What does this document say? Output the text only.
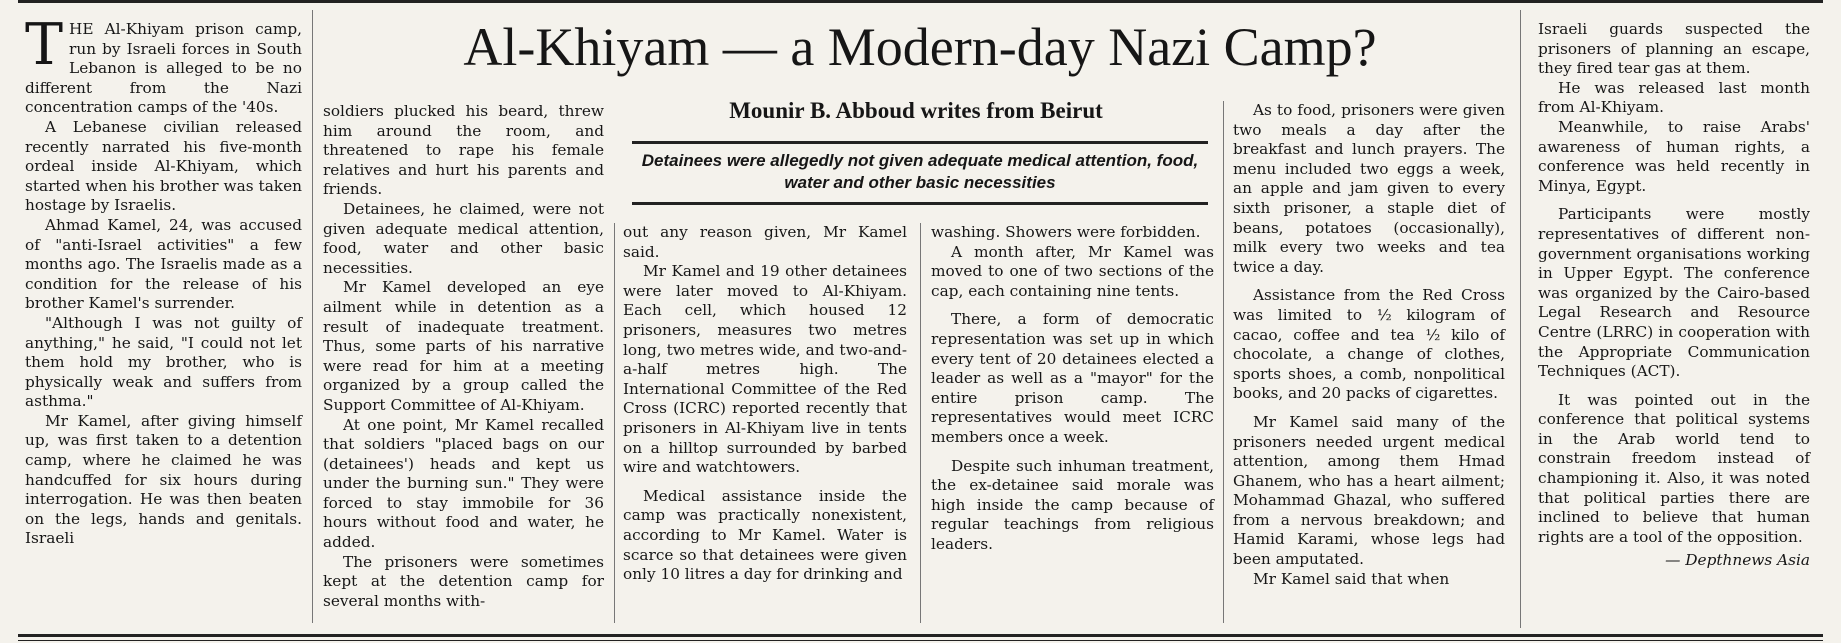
Al-Khiyam — a Modern-day Nazi Camp?
Mounir B. Abboud writes from Beirut
Detainees were allegedly not given adequate medical attention, food, water and other basic necessities

THE Al-Khiyam prison camp, run by Israeli forces in South Lebanon is alleged to be no different from the Nazi concentration camps of the '40s.

A Lebanese civilian released recently narrated his five-month ordeal inside Al-Khiyam, which started when his brother was taken hostage by Israelis.

Ahmad Kamel, 24, was accused of "anti-Israel activities" a few months ago. The Israelis made as a condition for the release of his brother Kamel's surrender.

"Although I was not guilty of anything," he said, "I could not let them hold my brother, who is physically weak and suffers from asthma."

Mr Kamel, after giving himself up, was first taken to a detention camp, where he claimed he was handcuffed for six hours during interrogation. He was then beaten on the legs, hands and genitals. Israeli

soldiers plucked his beard, threw him around the room, and threatened to rape his female relatives and hurt his parents and friends.

Detainees, he claimed, were not given adequate medical attention, food, water and other basic necessities.

Mr Kamel developed an eye ailment while in detention as a result of inadequate treatment. Thus, some parts of his narrative were read for him at a meeting organized by a group called the Support Committee of Al-Khiyam.

At one point, Mr Kamel recalled that soldiers "placed bags on our (detainees') heads and kept us under the burning sun." They were forced to stay immobile for 36 hours without food and water, he added.

The prisoners were sometimes kept at the detention camp for several months with-

out any reason given, Mr Kamel said.

Mr Kamel and 19 other detainees were later moved to Al-Khiyam. Each cell, which housed 12 prisoners, measures two metres long, two metres wide, and two-and-a-half metres high. The International Committee of the Red Cross (ICRC) reported recently that prisoners in Al-Khiyam live in tents on a hilltop surrounded by barbed wire and watchtowers.

Medical assistance inside the camp was practically nonexistent, according to Mr Kamel. Water is scarce so that detainees were given only 10 litres a day for drinking and

washing. Showers were forbidden.

A month after, Mr Kamel was moved to one of two sections of the cap, each containing nine tents.

There, a form of democratic representation was set up in which every tent of 20 detainees elected a leader as well as a "mayor" for the entire prison camp. The representatives would meet ICRC members once a week.

Despite such inhuman treatment, the ex-detainee said morale was high inside the camp because of regular teachings from religious leaders.

As to food, prisoners were given two meals a day after the breakfast and lunch prayers. The menu included two eggs a week, an apple and jam given to every sixth prisoner, a staple diet of beans, potatoes (occasionally), milk every two weeks and tea twice a day.

Assistance from the Red Cross was limited to ½ kilogram of cacao, coffee and tea ½ kilo of chocolate, a change of clothes, sports shoes, a comb, nonpolitical books, and 20 packs of cigarettes.

Mr Kamel said many of the prisoners needed urgent medical attention, among them Hmad Ghanem, who has a heart ailment; Mohammad Ghazal, who suffered from a nervous breakdown; and Hamid Karami, whose legs had been amputated.

Mr Kamel said that when

Israeli guards suspected the prisoners of planning an escape, they fired tear gas at them.

He was released last month from Al-Khiyam.

Meanwhile, to raise Arabs' awareness of human rights, a conference was held recently in Minya, Egypt.

Participants were mostly representatives of different non-government organisations working in Upper Egypt. The conference was organized by the Cairo-based Legal Research and Resource Centre (LRRC) in cooperation with the Appropriate Communication Techniques (ACT).

It was pointed out in the conference that political systems in the Arab world tend to constrain freedom instead of championing it. Also, it was noted that political parties there are inclined to believe that human rights are a tool of the opposition.

— Depthnews Asia
